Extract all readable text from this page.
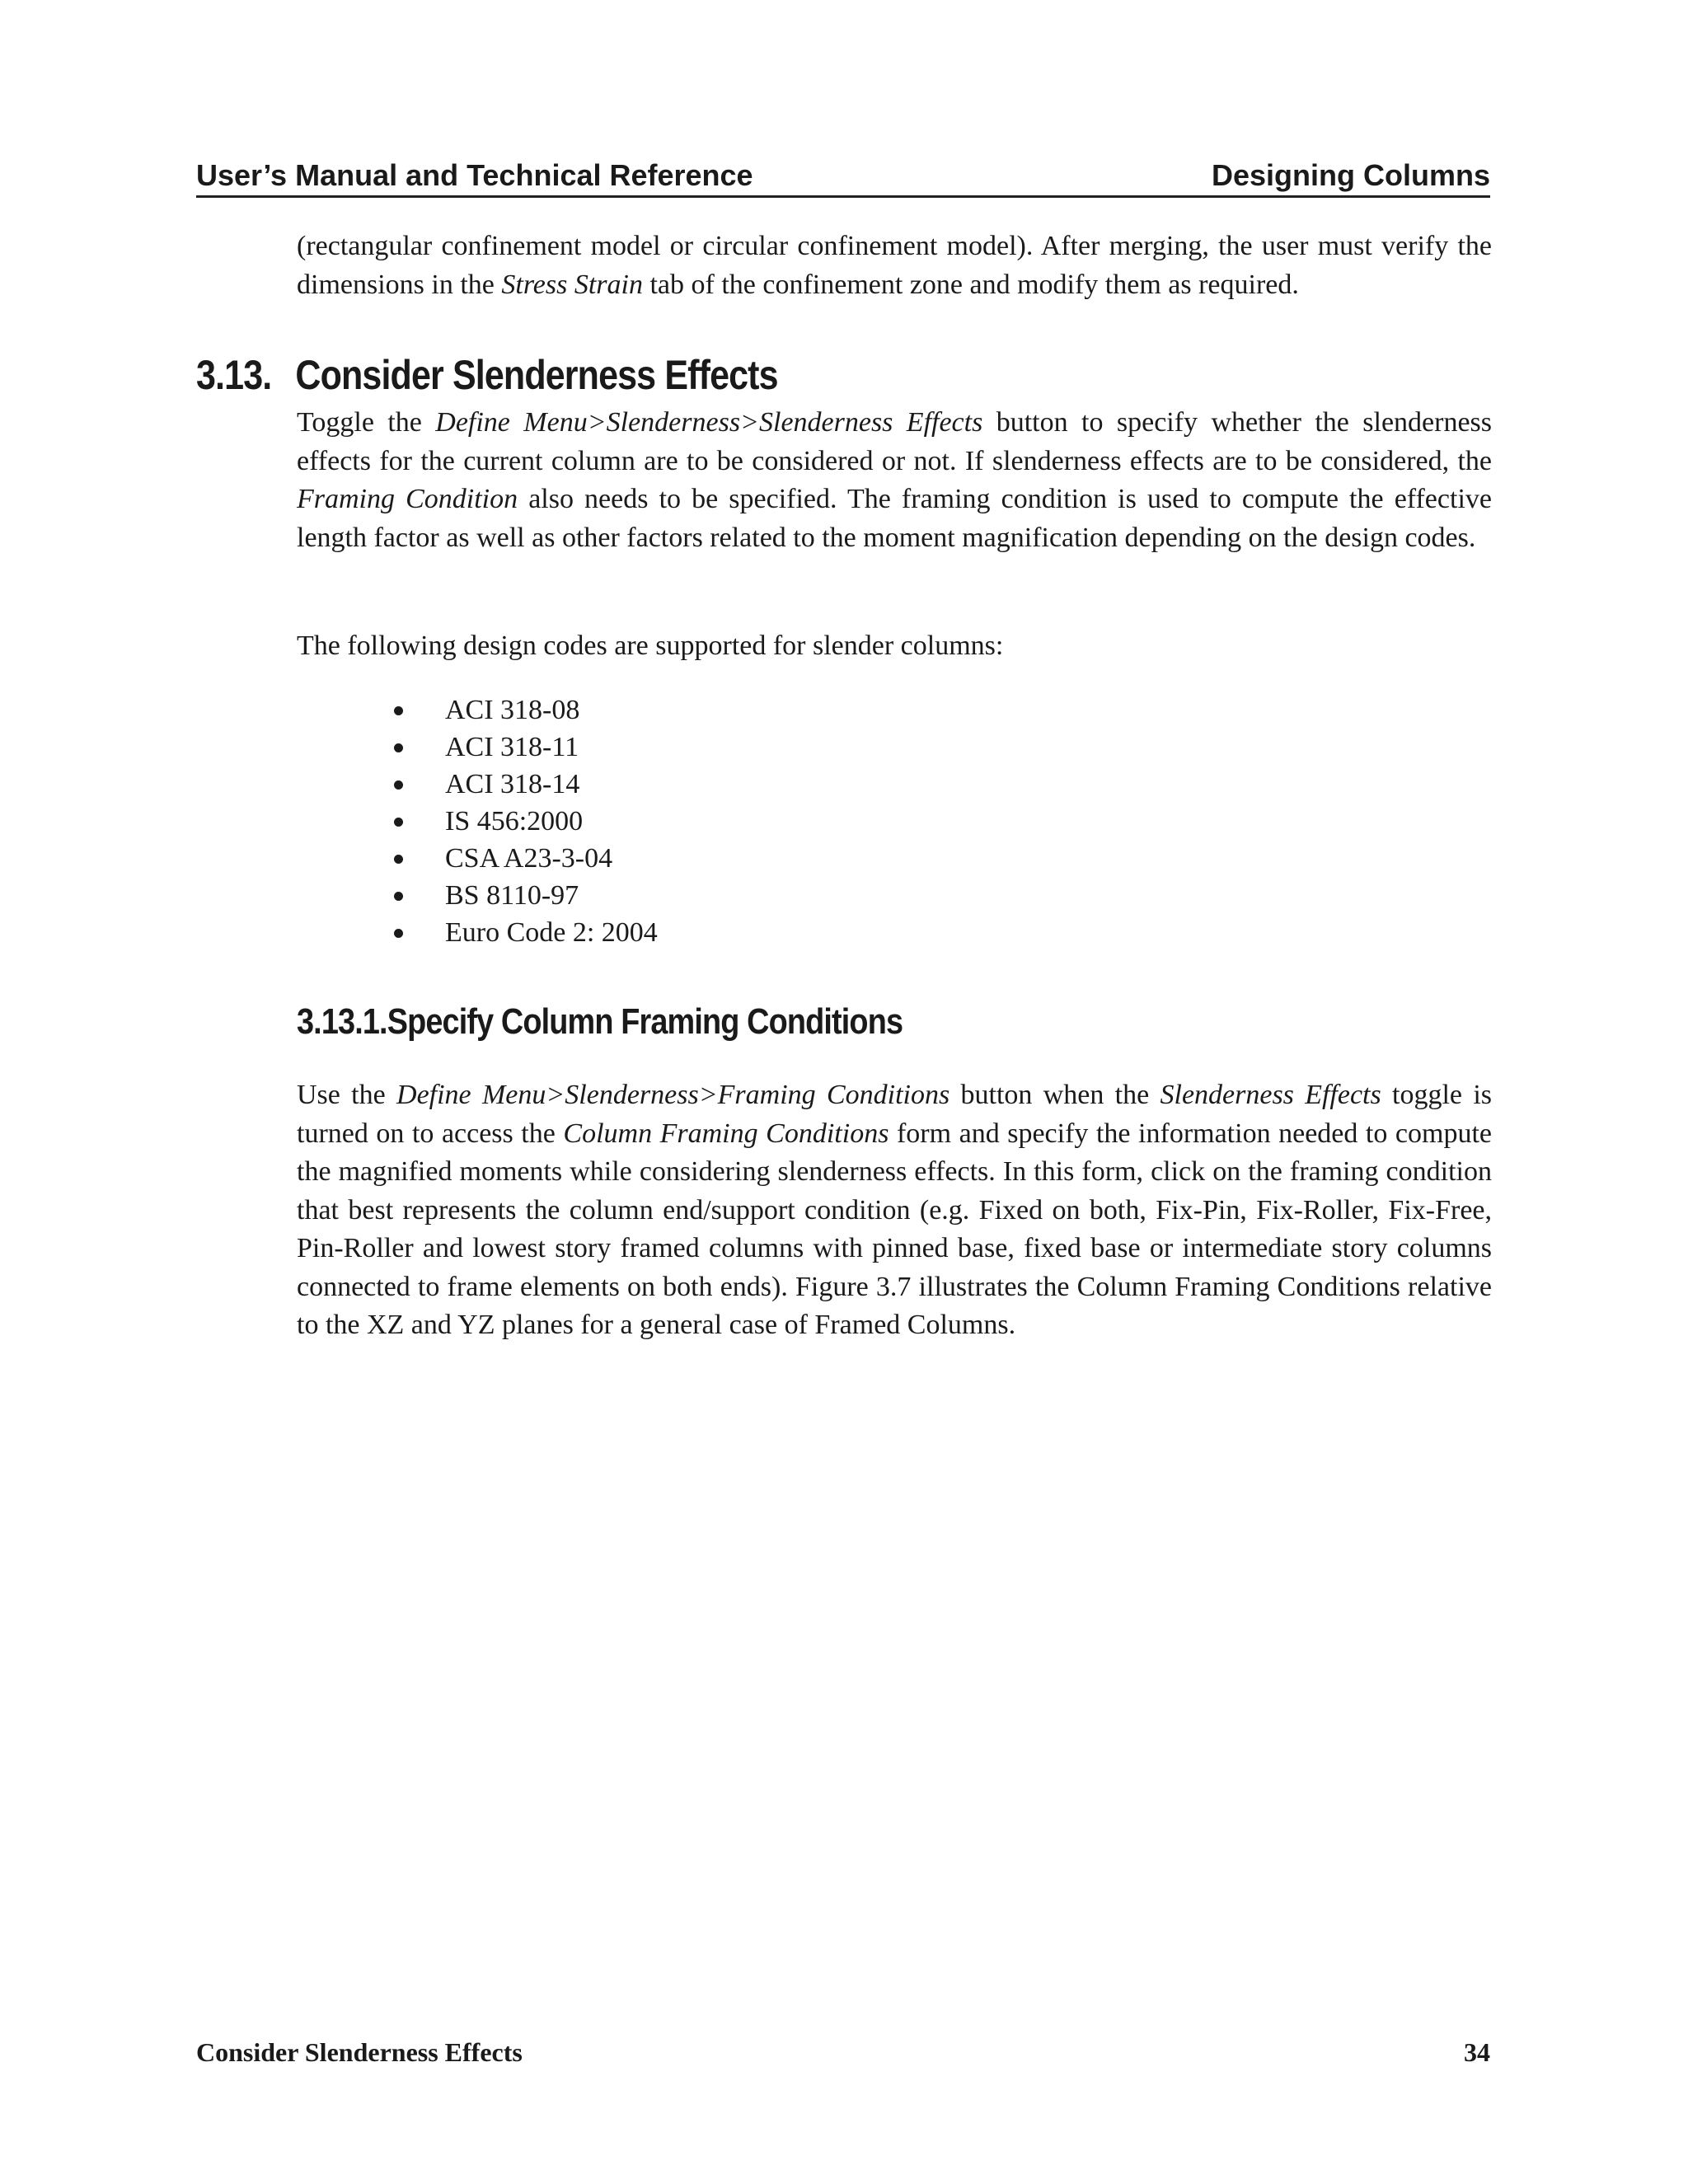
User’s Manual and Technical Reference	Designing Columns

(rectangular confinement model or circular confinement model). After merging, the user must verify the dimensions in the Stress Strain tab of the confinement zone and modify them as required.

3.13. Consider Slenderness Effects

Toggle the Define Menu>Slenderness>Slenderness Effects button to specify whether the slenderness effects for the current column are to be considered or not. If slenderness effects are to be considered, the Framing Condition also needs to be specified. The framing condition is used to compute the effective length factor as well as other factors related to the moment magnification depending on the design codes.

The following design codes are supported for slender columns:

ACI 318-08
ACI 318-11
ACI 318-14
IS 456:2000
CSA A23-3-04
BS 8110-97
Euro Code 2: 2004
3.13.1.Specify Column Framing Conditions

Use the Define Menu>Slenderness>Framing Conditions button when the Slenderness Effects toggle is turned on to access the Column Framing Conditions form and specify the information needed to compute the magnified moments while considering slenderness effects. In this form, click on the framing condition that best represents the column end/support condition (e.g. Fixed on both, Fix-Pin, Fix-Roller, Fix-Free, Pin-Roller and lowest story framed columns with pinned base, fixed base or intermediate story columns connected to frame elements on both ends). Figure 3.7 illustrates the Column Framing Conditions relative to the XZ and YZ planes for a general case of Framed Columns.

Consider Slenderness Effects	34
